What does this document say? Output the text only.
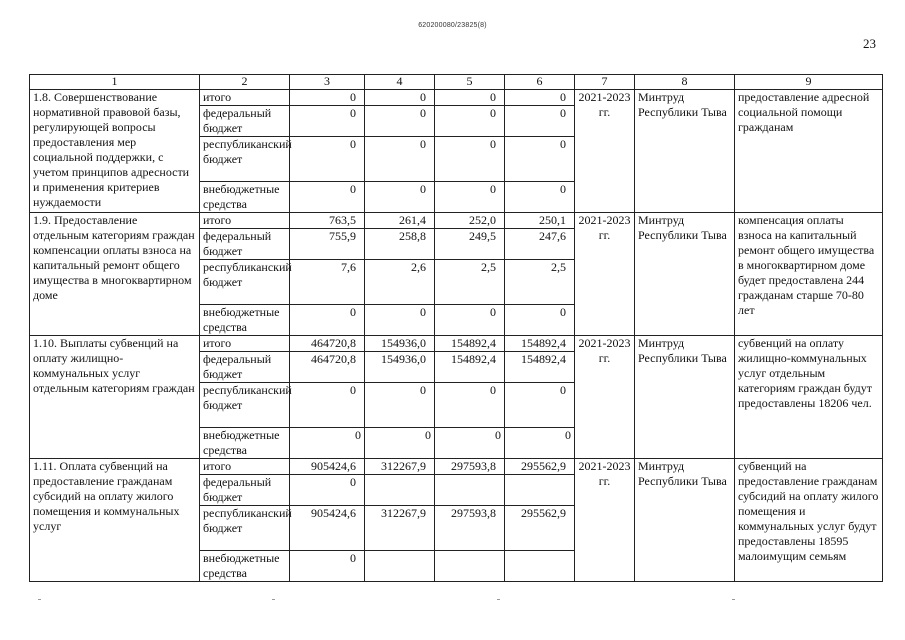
620200080/23825(8)
23
1	2	3	4	5	6	7	8	9
1.8. Совершенствование нормативной правовой базы, регулирующей вопросы предоставления мер социальной поддержки, с учетом принципов адресности и применения критериев нуждаемости	итого	0	0	0	0	2021-2023 гг.	Минтруд Республики Тыва	предоставление адресной социальной помощи гражданам
	федеральный бюджет	0	0	0	0			
	республиканский бюджет	0	0	0	0			
	внебюджетные средства	0	0	0	0			
1.9. Предоставление отдельным категориям граждан компенсации оплаты взноса на капитальный ремонт общего имущества в многоквартирном доме	итого	763,5	261,4	252,0	250,1	2021-2023 гг.	Минтруд Республики Тыва	компенсация оплаты взноса на капитальный ремонт общего имущества в многоквартирном доме будет предоставлена 244 гражданам старше 70-80 лет
	федеральный бюджет	755,9	258,8	249,5	247,6			
	республиканский бюджет	7,6	2,6	2,5	2,5			
	внебюджетные средства	0	0	0	0			
1.10. Выплаты субвенций на оплату жилищно-коммунальных услуг отдельным категориям граждан	итого	464720,8	154936,0	154892,4	154892,4	2021-2023 гг.	Минтруд Республики Тыва	субвенций на оплату жилищно-коммунальных услуг отдельным категориям граждан будут предоставлены 18206 чел.
	федеральный бюджет	464720,8	154936,0	154892,4	154892,4			
	республиканский бюджет	0	0	0	0			
	внебюджетные средства	0	0	0	0			
1.11. Оплата субвенций на предоставление гражданам субсидий на оплату жилого помещения и коммунальных услуг	итого	905424,6	312267,9	297593,8	295562,9	2021-2023 гг.	Минтруд Республики Тыва	субвенций на предоставление гражданам субсидий на оплату жилого помещения и коммунальных услуг будут предоставлены 18595 малоимущим семьям
	федеральный бюджет	0						
	республиканский бюджет	905424,6	312267,9	297593,8	295562,9			
	внебюджетные средства	0						
